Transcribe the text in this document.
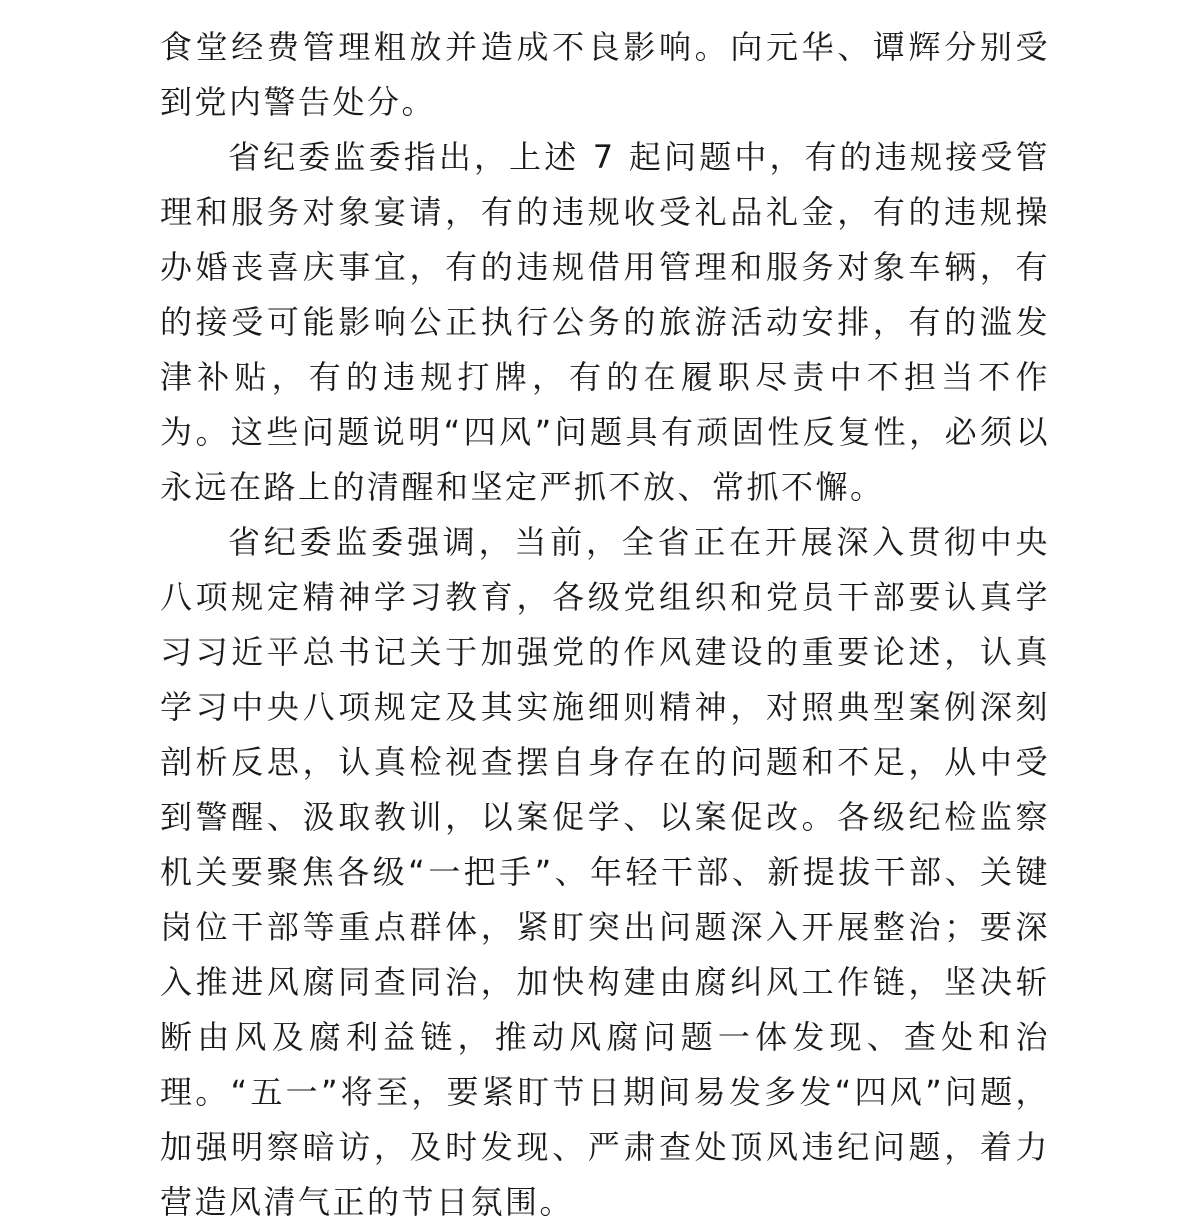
食堂经费管理粗放并造成不良影响。向元华、谭辉分别受到党内警告处分。

省纪委监委指出，上述 7 起问题中，有的违规接受管理和服务对象宴请，有的违规收受礼品礼金，有的违规操办婚丧喜庆事宜，有的违规借用管理和服务对象车辆，有的接受可能影响公正执行公务的旅游活动安排，有的滥发津补贴，有的违规打牌，有的在履职尽责中不担当不作为。这些问题说明“四风”问题具有顽固性反复性，必须以永远在路上的清醒和坚定严抓不放、常抓不懈。

省纪委监委强调，当前，全省正在开展深入贯彻中央八项规定精神学习教育，各级党组织和党员干部要认真学习习近平总书记关于加强党的作风建设的重要论述，认真学习中央八项规定及其实施细则精神，对照典型案例深刻剖析反思，认真检视查摆自身存在的问题和不足，从中受到警醒、汲取教训，以案促学、以案促改。各级纪检监察机关要聚焦各级“一把手”、年轻干部、新提拔干部、关键岗位干部等重点群体，紧盯突出问题深入开展整治；要深入推进风腐同查同治，加快构建由腐纠风工作链，坚决斩断由风及腐利益链，推动风腐问题一体发现、查处和治理。“五一”将至，要紧盯节日期间易发多发“四风”问题，加强明察暗访，及时发现、严肃查处顶风违纪问题，着力营造风清气正的节日氛围。
